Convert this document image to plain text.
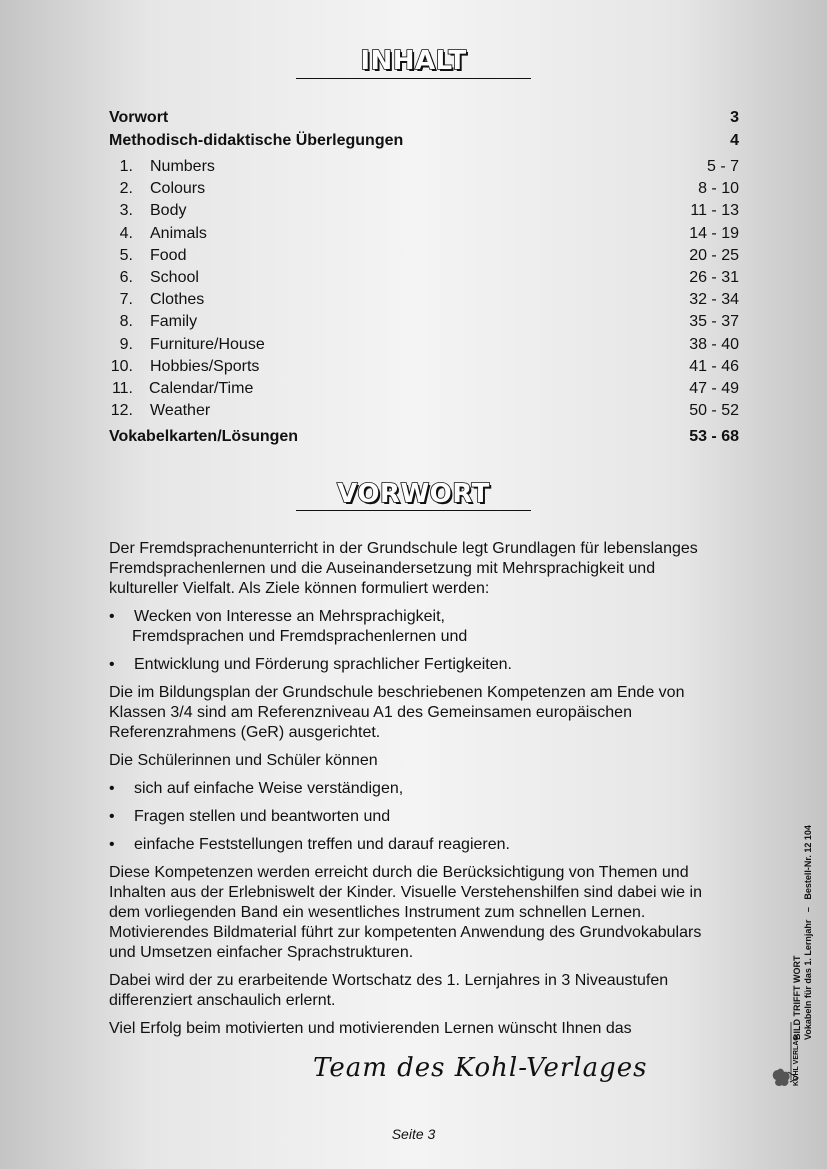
INHALT
Vorwort	3
Methodisch-didaktische Überlegungen	4
1. Numbers	5 - 7
2. Colours	8 - 10
3. Body	11 - 13
4. Animals	14 - 19
5. Food	20 - 25
6. School	26 - 31
7. Clothes	32 - 34
8. Family	35 - 37
9. Furniture/House	38 - 40
10. Hobbies/Sports	41 - 46
11. Calendar/Time	47 - 49
12. Weather	50 - 52
Vokabelkarten/Lösungen	53 - 68
VORWORT

Der Fremdsprachenunterricht in der Grundschule legt Grundlagen für lebenslanges Fremdsprachenlernen und die Auseinandersetzung mit Mehrsprachigkeit und kultureller Vielfalt. Als Ziele können formuliert werden:

• Wecken von Interesse an Mehrsprachigkeit,
Fremdsprachen und Fremdsprachenlernen und
• Entwicklung und Förderung sprachlicher Fertigkeiten.

Die im Bildungsplan der Grundschule beschriebenen Kompetenzen am Ende von Klassen 3/4 sind am Referenzniveau A1 des Gemeinsamen europäischen Referenzrahmens (GeR) ausgerichtet.

Die Schülerinnen und Schüler können

• sich auf einfache Weise verständigen,
• Fragen stellen und beantworten und
• einfache Feststellungen treffen und darauf reagieren.

Diese Kompetenzen werden erreicht durch die Berücksichtigung von Themen und Inhalten aus der Erlebniswelt der Kinder. Visuelle Verstehenshilfen sind dabei wie in dem vorliegenden Band ein wesentliches Instrument zum schnellen Lernen. Motivierendes Bildmaterial führt zur kompetenten Anwendung des Grundvokabulars und Umsetzen einfacher Sprachstrukturen.

Dabei wird der zu erarbeitende Wortschatz des 1. Lernjahres in 3 Niveaustufen differenziert anschaulich erlernt.

Viel Erfolg beim motivierten und motivierenden Lernen wünscht Ihnen das

Team des Kohl-Verlages
Seite 3
BILD TRIFFT WORT Vokabeln für das 1. Lernjahr   –   Bestell-Nr. 12 104
KOHL VERLAG
